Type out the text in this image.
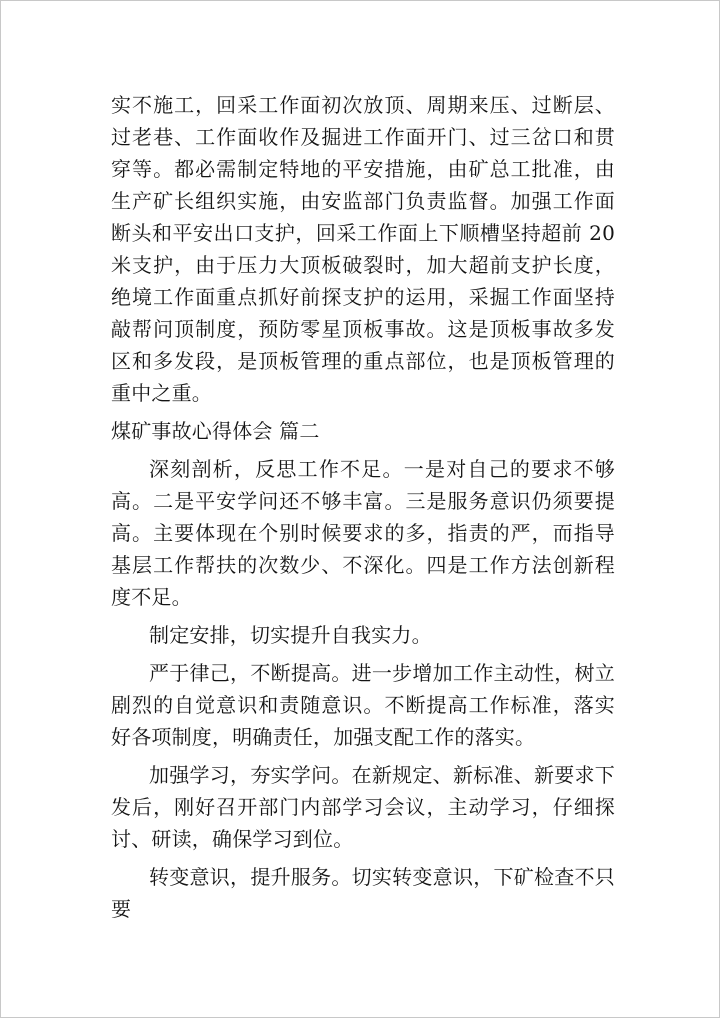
实不施工，回采工作面初次放顶、周期来压、过断层、过老巷、工作面收作及掘进工作面开门、过三岔口和贯穿等。都必需制定特地的平安措施，由矿总工批准，由生产矿长组织实施，由安监部门负责监督。加强工作面断头和平安出口支护，回采工作面上下顺槽坚持超前 20 米支护，由于压力大顶板破裂时，加大超前支护长度，绝境工作面重点抓好前探支护的运用，采掘工作面坚持敲帮问顶制度，预防零星顶板事故。这是顶板事故多发区和多发段，是顶板管理的重点部位，也是顶板管理的重中之重。

煤矿事故心得体会 篇二

深刻剖析，反思工作不足。一是对自己的要求不够高。二是平安学问还不够丰富。三是服务意识仍须要提高。主要体现在个别时候要求的多，指责的严，而指导基层工作帮扶的次数少、不深化。四是工作方法创新程度不足。

制定安排，切实提升自我实力。

严于律己，不断提高。进一步增加工作主动性，树立剧烈的自觉意识和责随意识。不断提高工作标准，落实好各项制度，明确责任，加强支配工作的落实。

加强学习，夯实学问。在新规定、新标准、新要求下发后，刚好召开部门内部学习会议，主动学习，仔细探讨、研读，确保学习到位。

转变意识，提升服务。切实转变意识，下矿检查不只要
